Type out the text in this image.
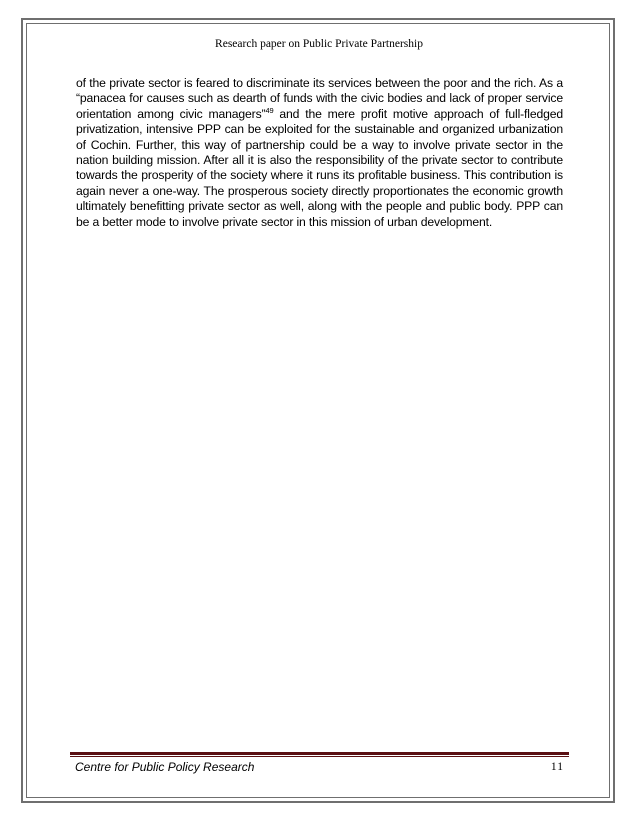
Research paper on Public Private Partnership

of the private sector is feared to discriminate its services between the poor and the rich. As a “panacea for causes such as dearth of funds with the civic bodies and lack of proper service orientation among civic managers”$^{49}$ and the mere profit motive approach of full-fledged privatization, intensive PPP can be exploited for the sustainable and organized urbanization of Cochin. Further, this way of partnership could be a way to involve private sector in the nation building mission. After all it is also the responsibility of the private sector to contribute towards the prosperity of the society where it runs its profitable business. This contribution is again never a one-way. The prosperous society directly proportionates the economic growth ultimately benefitting private sector as well, along with the people and public body. PPP can be a better mode to involve private sector in this mission of urban development.

Centre for Public Policy Research	11
